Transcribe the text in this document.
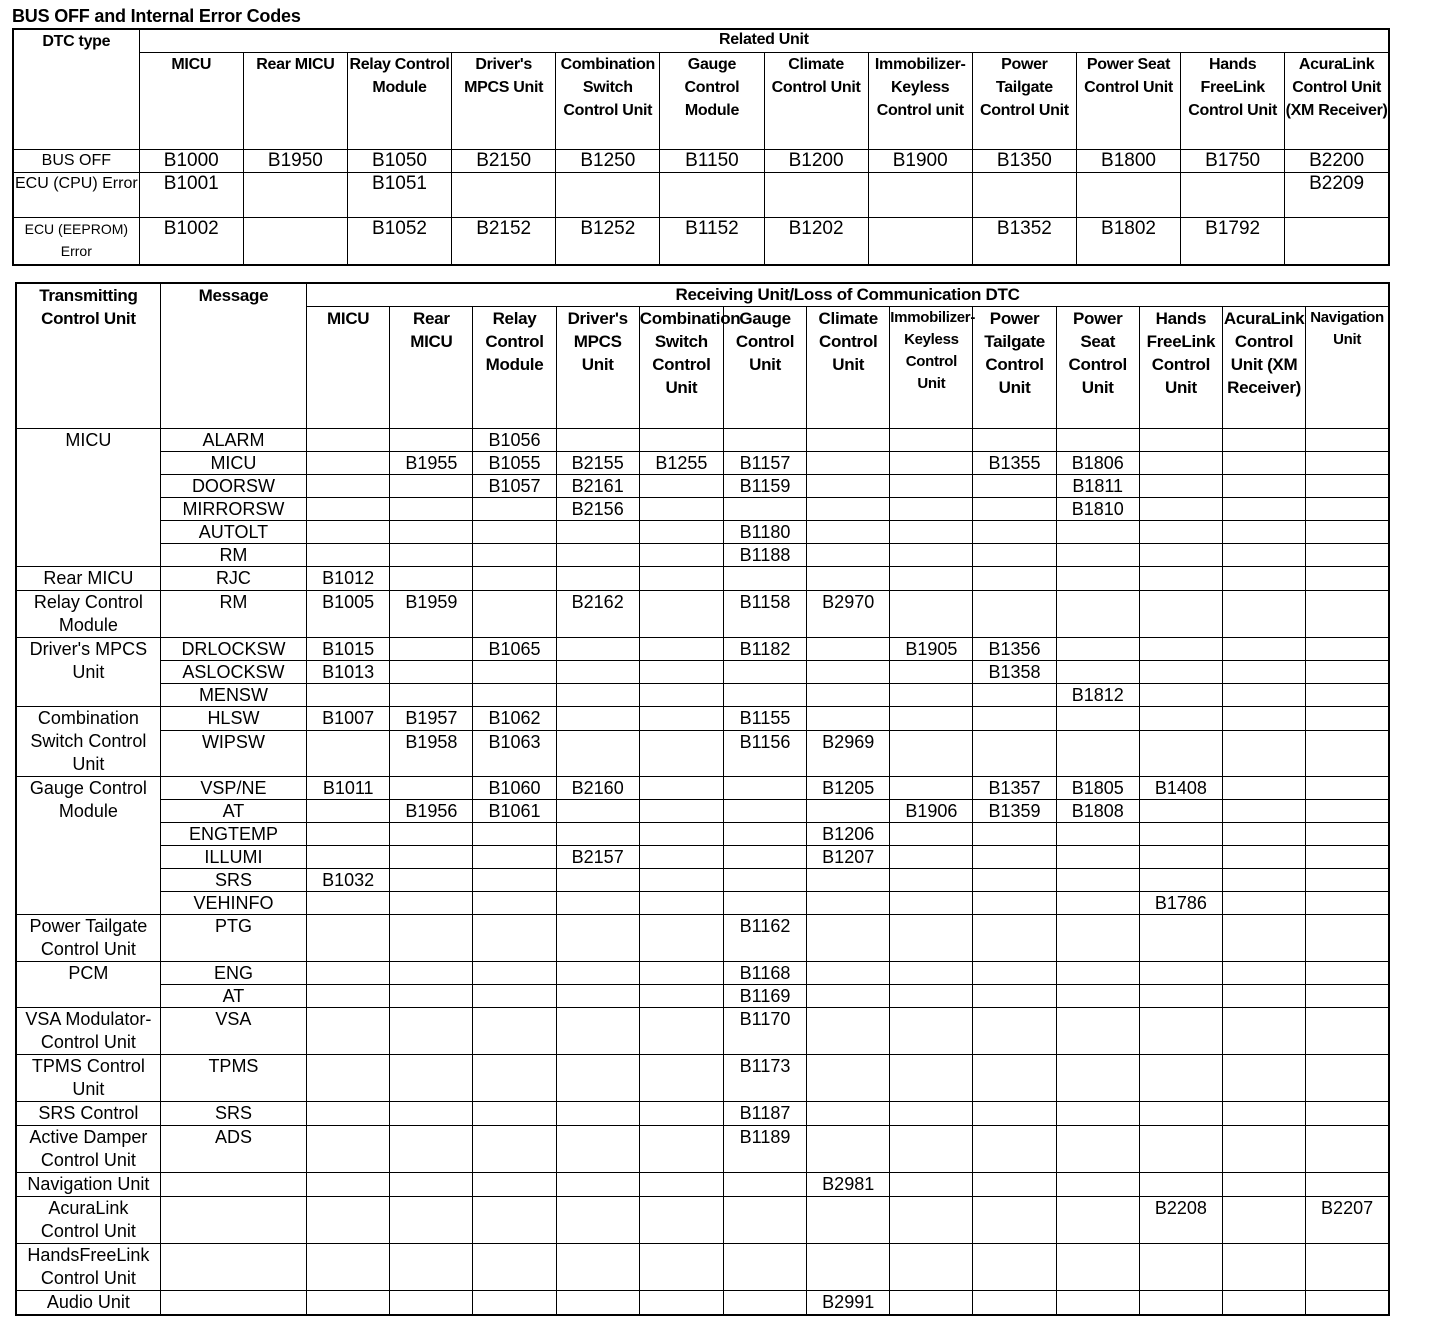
BUS OFF and Internal Error Codes
DTC type	Related Unit											
	MICU	Rear MICU	Relay Control Module	Driver's MPCS Unit	Combination Switch Control Unit	Gauge Control Module	Climate Control Unit	Immobilizer-Keyless Control unit	Power Tailgate Control Unit	Power Seat Control Unit	Hands FreeLink Control Unit	AcuraLink Control Unit (XM Receiver)
BUS OFF	B1000	B1950	B1050	B2150	B1250	B1150	B1200	B1900	B1350	B1800	B1750	B2200
ECU (CPU) Error	B1001		B1051									B2209
ECU (EEPROM) Error	B1002		B1052	B2152	B1252	B1152	B1202		B1352	B1802	B1792	
Transmitting Control Unit	Message	Receiving Unit/Loss of Communication DTC												
		MICU	Rear MICU	Relay Control Module	Driver's MPCS Unit	Combination Switch Control Unit	Gauge Control Unit	Climate Control Unit	Immobilizer-Keyless Control Unit	Power Tailgate Control Unit	Power Seat Control Unit	Hands FreeLink Control Unit	AcuraLink Control Unit (XM Receiver)	Navigation Unit
MICU	ALARM			B1056										
	MICU		B1955	B1055	B2155	B1255	B1157			B1355	B1806			
	DOORSW			B1057	B2161		B1159				B1811			
	MIRRORSW				B2156						B1810			
	AUTOLT						B1180							
	RM						B1188							
Rear MICU	RJC	B1012												
Relay Control Module	RM	B1005	B1959		B2162		B1158	B2970						
Driver's MPCS Unit	DRLOCKSW	B1015		B1065			B1182		B1905	B1356				
	ASLOCKSW	B1013								B1358				
	MENSW										B1812			
Combination Switch Control Unit	HLSW	B1007	B1957	B1062			B1155							
	WIPSW		B1958	B1063			B1156	B2969						
Gauge Control Module	VSP/NE	B1011		B1060	B2160			B1205		B1357	B1805	B1408		
	AT		B1956	B1061					B1906	B1359	B1808			
	ENGTEMP							B1206						
	ILLUMI				B2157			B1207						
	SRS	B1032												
	VEHINFO											B1786		
Power Tailgate Control Unit	PTG						B1162							
PCM	ENG						B1168							
	AT						B1169							
VSA Modulator-Control Unit	VSA						B1170							
TPMS Control Unit	TPMS						B1173							
SRS Control	SRS						B1187							
Active Damper Control Unit	ADS						B1189							
Navigation Unit								B2981						
AcuraLink Control Unit												B2208		B2207
HandsFreeLink Control Unit														
Audio Unit								B2991						
